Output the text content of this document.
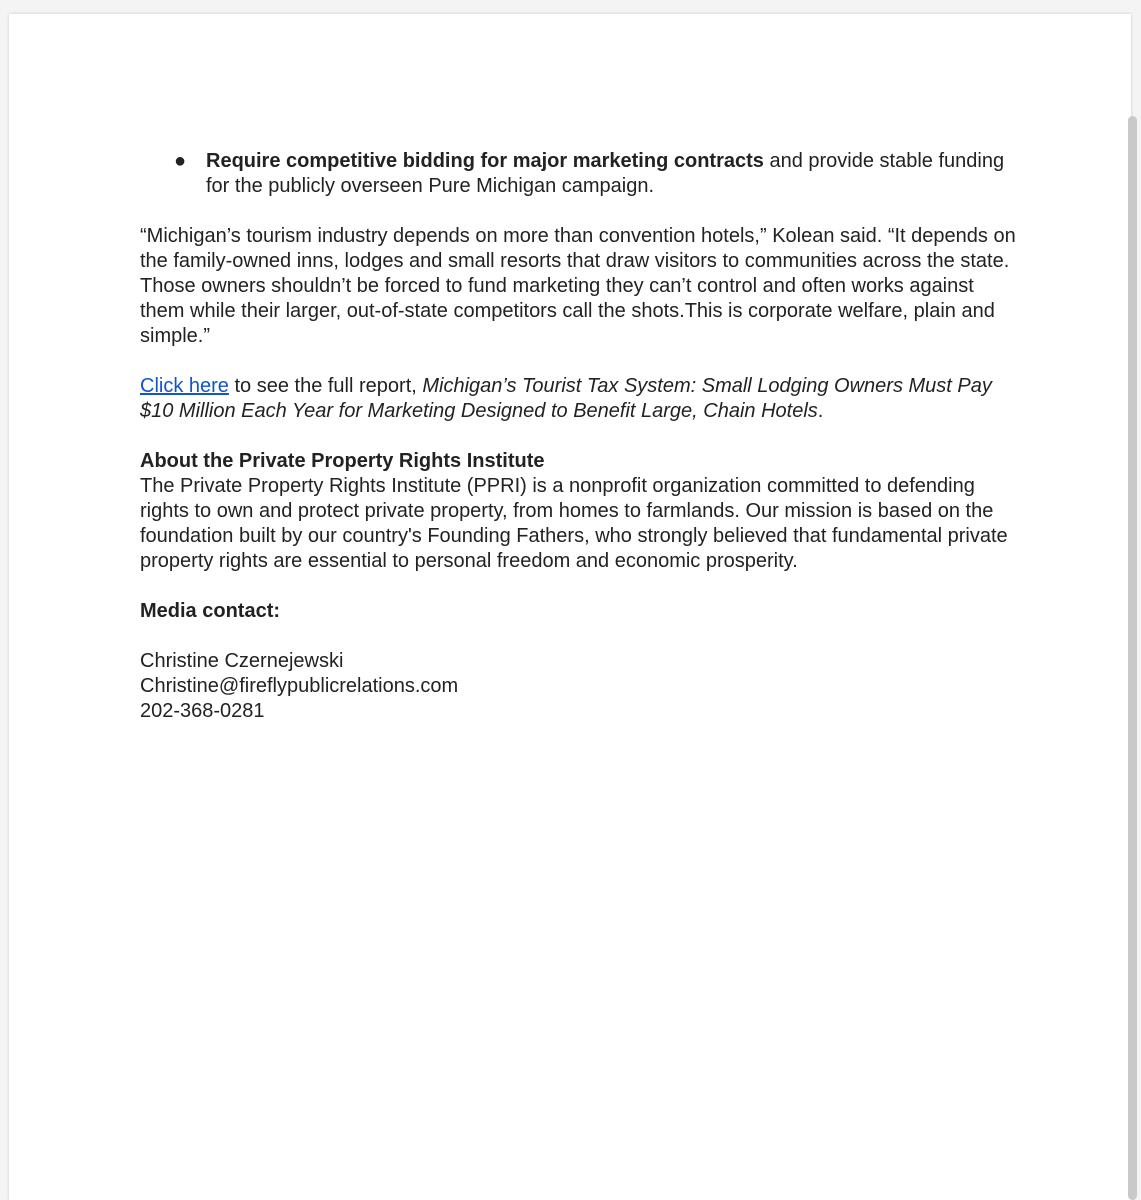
● Require competitive bidding for major marketing contracts and provide stable funding for the publicly overseen Pure Michigan campaign.

“Michigan’s tourism industry depends on more than convention hotels,” Kolean said. “It depends on the family-owned inns, lodges and small resorts that draw visitors to communities across the state. Those owners shouldn’t be forced to fund marketing they can’t control and often works against them while their larger, out-of-state competitors call the shots.This is corporate welfare, plain and simple.”

Click here to see the full report, Michigan’s Tourist Tax System: Small Lodging Owners Must Pay $10 Million Each Year for Marketing Designed to Benefit Large, Chain Hotels.

About the Private Property Rights Institute

The Private Property Rights Institute (PPRI) is a nonprofit organization committed to defending rights to own and protect private property, from homes to farmlands. Our mission is based on the foundation built by our country's Founding Fathers, who strongly believed that fundamental private property rights are essential to personal freedom and economic prosperity.

Media contact:

Christine Czernejewski

Christine@fireflypublicrelations.com

202-368-0281
